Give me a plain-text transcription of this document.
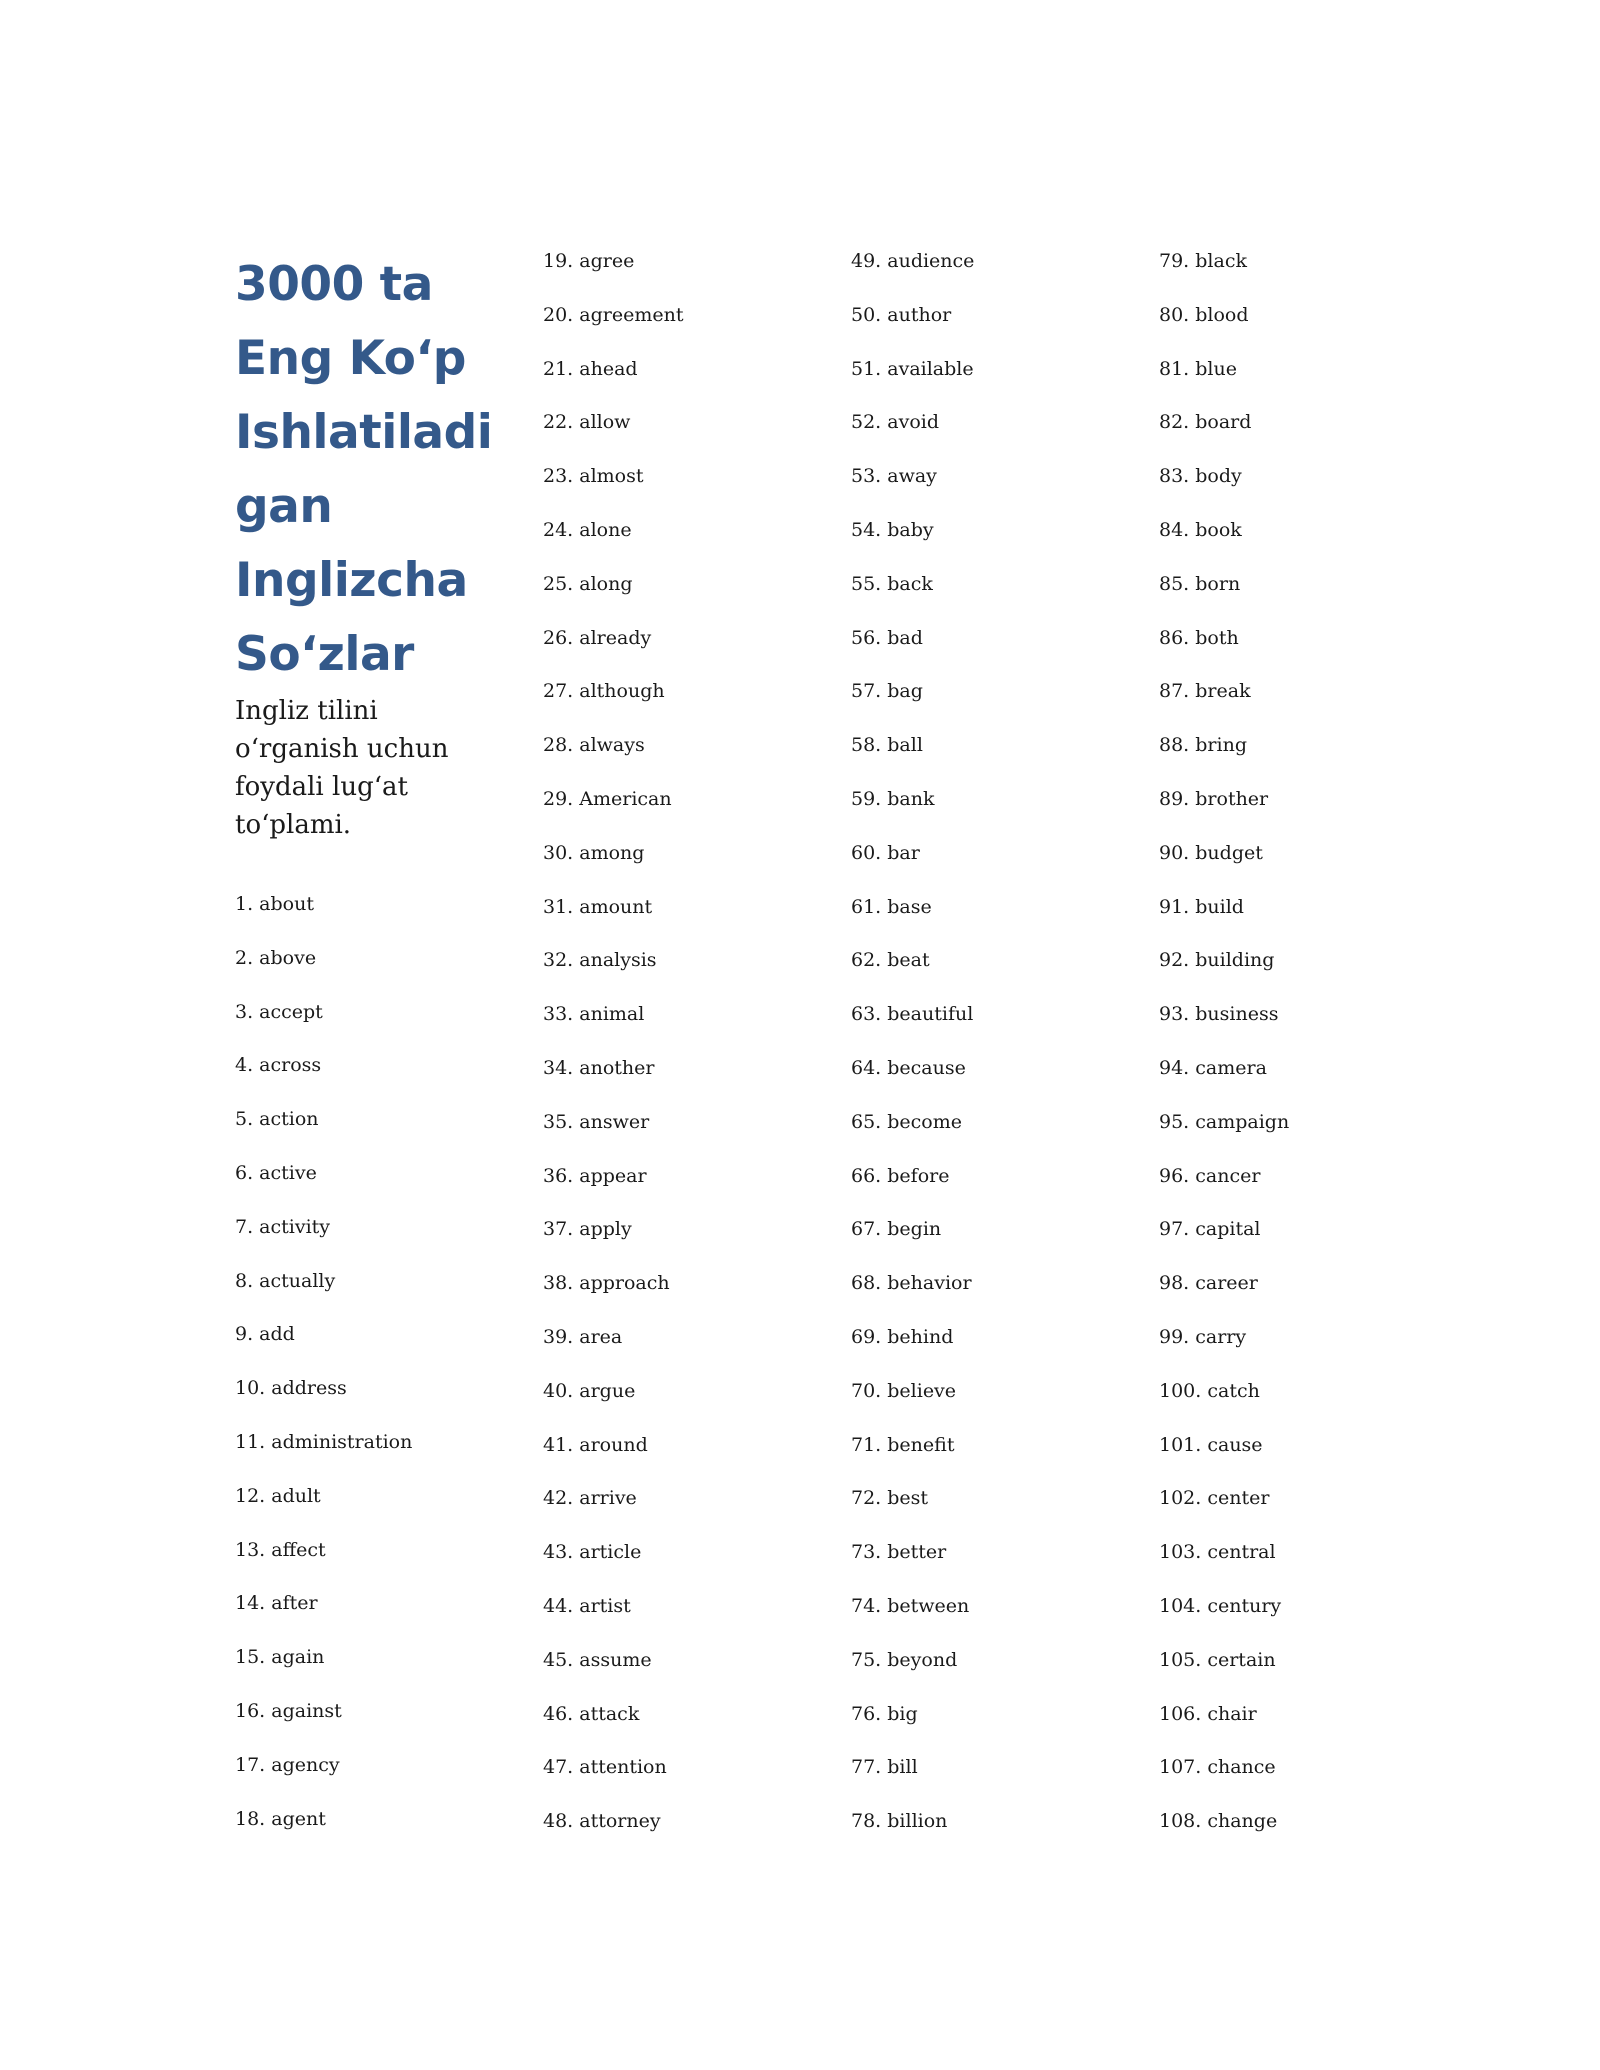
3000 ta
Eng Koʻp
Ishlatiladi
gan
Inglizcha
Soʻzlar

Ingliz tilini
oʻrganish uchun
foydali lugʻat
toʻplami.

1. about
2. above
3. accept
4. across
5. action
6. active
7. activity
8. actually
9. add
10. address
11. administration
12. adult
13. affect
14. after
15. again
16. against
17. agency
18. agent
19. agree
20. agreement
21. ahead
22. allow
23. almost
24. alone
25. along
26. already
27. although
28. always
29. American
30. among
31. amount
32. analysis
33. animal
34. another
35. answer
36. appear
37. apply
38. approach
39. area
40. argue
41. around
42. arrive
43. article
44. artist
45. assume
46. attack
47. attention
48. attorney
49. audience
50. author
51. available
52. avoid
53. away
54. baby
55. back
56. bad
57. bag
58. ball
59. bank
60. bar
61. base
62. beat
63. beautiful
64. because
65. become
66. before
67. begin
68. behavior
69. behind
70. believe
71. benefit
72. best
73. better
74. between
75. beyond
76. big
77. bill
78. billion
79. black
80. blood
81. blue
82. board
83. body
84. book
85. born
86. both
87. break
88. bring
89. brother
90. budget
91. build
92. building
93. business
94. camera
95. campaign
96. cancer
97. capital
98. career
99. carry
100. catch
101. cause
102. center
103. central
104. century
105. certain
106. chair
107. chance
108. change
